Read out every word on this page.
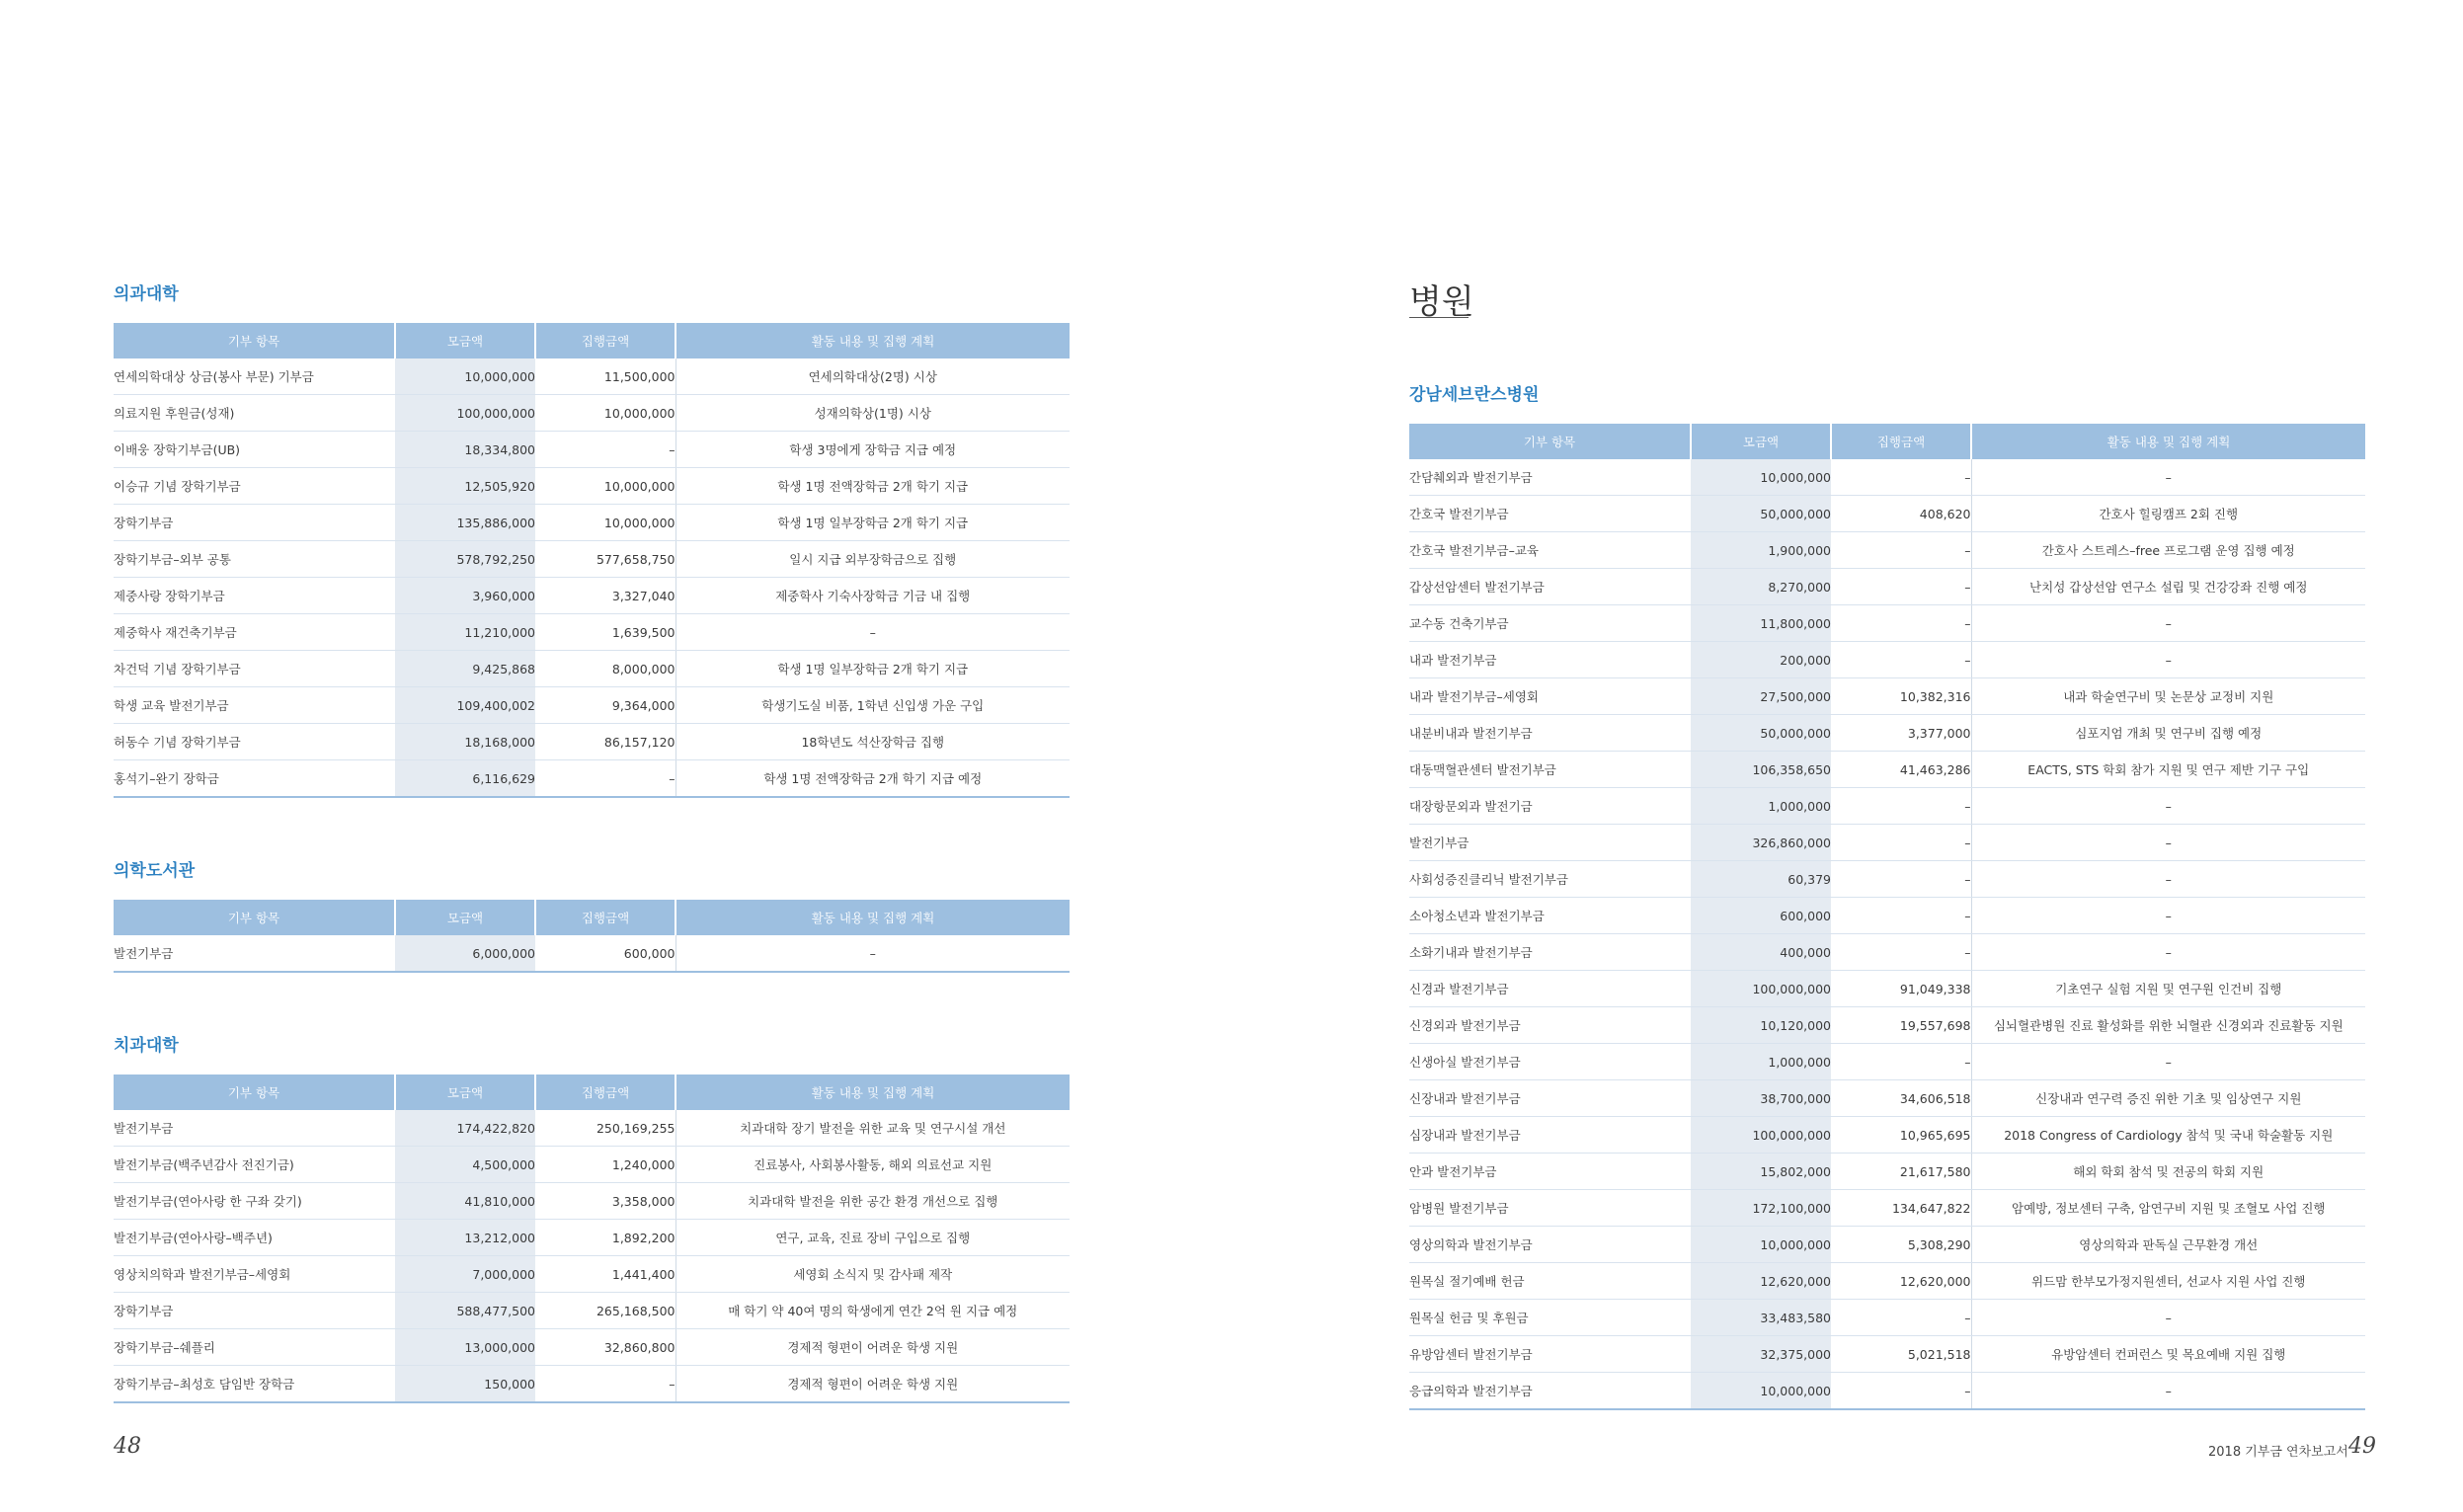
의과대학
기부 항목	모금액	집행금액	활동 내용 및 집행 계획
연세의학대상 상금(봉사 부문) 기부금	10,000,000	11,500,000	연세의학대상(2명) 시상
의료지원 후원금(성재)	100,000,000	10,000,000	성재의학상(1명) 시상
이배웅 장학기부금(UB)	18,334,800	–	학생 3명에게 장학금 지급 예정
이승규 기념 장학기부금	12,505,920	10,000,000	학생 1명 전액장학금 2개 학기 지급
장학기부금	135,886,000	10,000,000	학생 1명 일부장학금 2개 학기 지급
장학기부금–외부 공통	578,792,250	577,658,750	일시 지급 외부장학금으로 집행
제중사랑 장학기부금	3,960,000	3,327,040	제중학사 기숙사장학금 기금 내 집행
제중학사 재건축기부금	11,210,000	1,639,500	–
차건덕 기념 장학기부금	9,425,868	8,000,000	학생 1명 일부장학금 2개 학기 지급
학생 교육 발전기부금	109,400,002	9,364,000	학생기도실 비품, 1학년 신입생 가운 구입
허동수 기념 장학기부금	18,168,000	86,157,120	18학년도 석산장학금 집행
홍석기–완기 장학금	6,116,629	–	학생 1명 전액장학금 2개 학기 지급 예정
의학도서관
기부 항목	모금액	집행금액	활동 내용 및 집행 계획
발전기부금	6,000,000	600,000	–
치과대학
기부 항목	모금액	집행금액	활동 내용 및 집행 계획
발전기부금	174,422,820	250,169,255	치과대학 장기 발전을 위한 교육 및 연구시설 개선
발전기부금(백주년감사 전진기금)	4,500,000	1,240,000	진료봉사, 사회봉사활동, 해외 의료선교 지원
발전기부금(연아사랑 한 구좌 갖기)	41,810,000	3,358,000	치과대학 발전을 위한 공간 환경 개선으로 집행
발전기부금(연아사랑–백주년)	13,212,000	1,892,200	연구, 교육, 진료 장비 구입으로 집행
영상치의학과 발전기부금–세영회	7,000,000	1,441,400	세영회 소식지 및 감사패 제작
장학기부금	588,477,500	265,168,500	매 학기 약 40여 명의 학생에게 연간 2억 원 지급 예정
장학기부금–쉐플리	13,000,000	32,860,800	경제적 형편이 어려운 학생 지원
장학기부금–최성호 담임반 장학금	150,000	–	경제적 형편이 어려운 학생 지원
48
병원
강남세브란스병원
기부 항목	모금액	집행금액	활동 내용 및 집행 계획
간담췌외과 발전기부금	10,000,000	–	–
간호국 발전기부금	50,000,000	408,620	간호사 힐링캠프 2회 진행
간호국 발전기부금–교육	1,900,000	–	간호사 스트레스–free 프로그램 운영 집행 예정
갑상선암센터 발전기부금	8,270,000	–	난치성 갑상선암 연구소 설립 및 건강강좌 진행 예정
교수동 건축기부금	11,800,000	–	–
내과 발전기부금	200,000	–	–
내과 발전기부금–세영회	27,500,000	10,382,316	내과 학술연구비 및 논문상 교정비 지원
내분비내과 발전기부금	50,000,000	3,377,000	심포지엄 개최 및 연구비 집행 예정
대동맥혈관센터 발전기부금	106,358,650	41,463,286	EACTS, STS 학회 참가 지원 및 연구 제반 기구 구입
대장항문외과 발전기금	1,000,000	–	–
발전기부금	326,860,000	–	–
사회성증진클리닉 발전기부금	60,379	–	–
소아청소년과 발전기부금	600,000	–	–
소화기내과 발전기부금	400,000	–	–
신경과 발전기부금	100,000,000	91,049,338	기초연구 실험 지원 및 연구원 인건비 집행
신경외과 발전기부금	10,120,000	19,557,698	심뇌혈관병원 진료 활성화를 위한 뇌혈관 신경외과 진료활동 지원
신생아실 발전기부금	1,000,000	–	–
신장내과 발전기부금	38,700,000	34,606,518	신장내과 연구력 증진 위한 기초 및 임상연구 지원
심장내과 발전기부금	100,000,000	10,965,695	2018 Congress of Cardiology 참석 및 국내 학술활동 지원
안과 발전기부금	15,802,000	21,617,580	해외 학회 참석 및 전공의 학회 지원
암병원 발전기부금	172,100,000	134,647,822	암예방, 정보센터 구축, 암연구비 지원 및 조혈모 사업 진행
영상의학과 발전기부금	10,000,000	5,308,290	영상의학과 판독실 근무환경 개선
원목실 절기예배 헌금	12,620,000	12,620,000	위드맘 한부모가정지원센터, 선교사 지원 사업 진행
원목실 헌금 및 후원금	33,483,580	–	–
유방암센터 발전기부금	32,375,000	5,021,518	유방암센터 컨퍼런스 및 목요예배 지원 집행
응급의학과 발전기부금	10,000,000	–	–
2018 기부금 연차보고서 49
